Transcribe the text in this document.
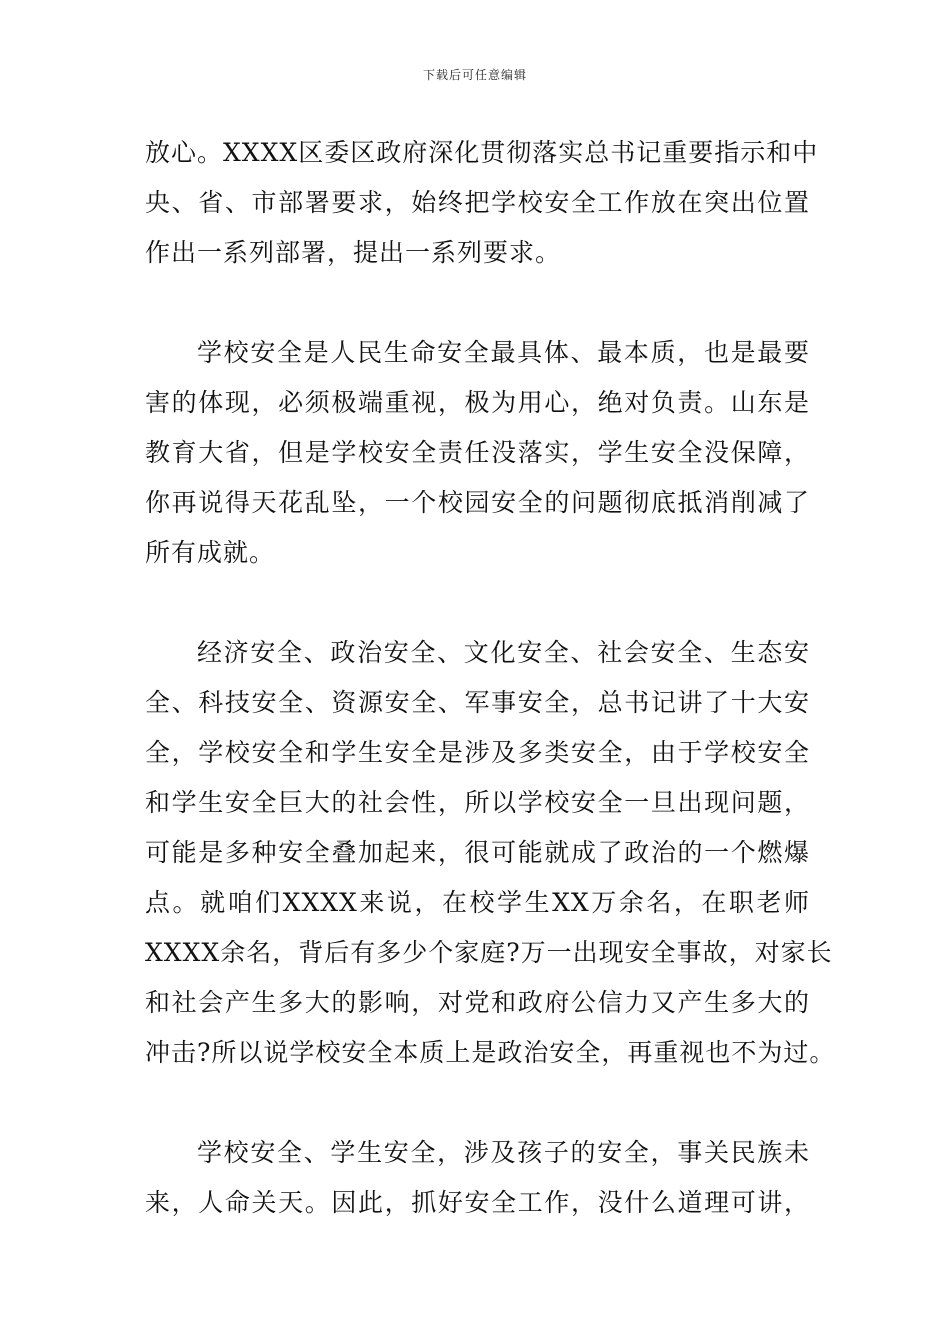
下载后可任意编辑
放心。XXXX区委区政府深化贯彻落实总书记重要指示和中
央、省、市部署要求，始终把学校安全工作放在突出位置
作出一系列部署，提出一系列要求。
学校安全是人民生命安全最具体、最本质，也是最要
害的体现，必须极端重视，极为用心，绝对负责。山东是
教育大省，但是学校安全责任没落实，学生安全没保障，
你再说得天花乱坠，一个校园安全的问题彻底抵消削减了
所有成就。
经济安全、政治安全、文化安全、社会安全、生态安
全、科技安全、资源安全、军事安全，总书记讲了十大安
全，学校安全和学生安全是涉及多类安全，由于学校安全
和学生安全巨大的社会性，所以学校安全一旦出现问题，
可能是多种安全叠加起来，很可能就成了政治的一个燃爆
点。就咱们XXXX来说，在校学生XX万余名，在职老师
XXXX余名，背后有多少个家庭?万一出现安全事故，对家长
和社会产生多大的影响，对党和政府公信力又产生多大的
冲击?所以说学校安全本质上是政治安全，再重视也不为过。
学校安全、学生安全，涉及孩子的安全，事关民族未
来，人命关天。因此，抓好安全工作，没什么道理可讲，
